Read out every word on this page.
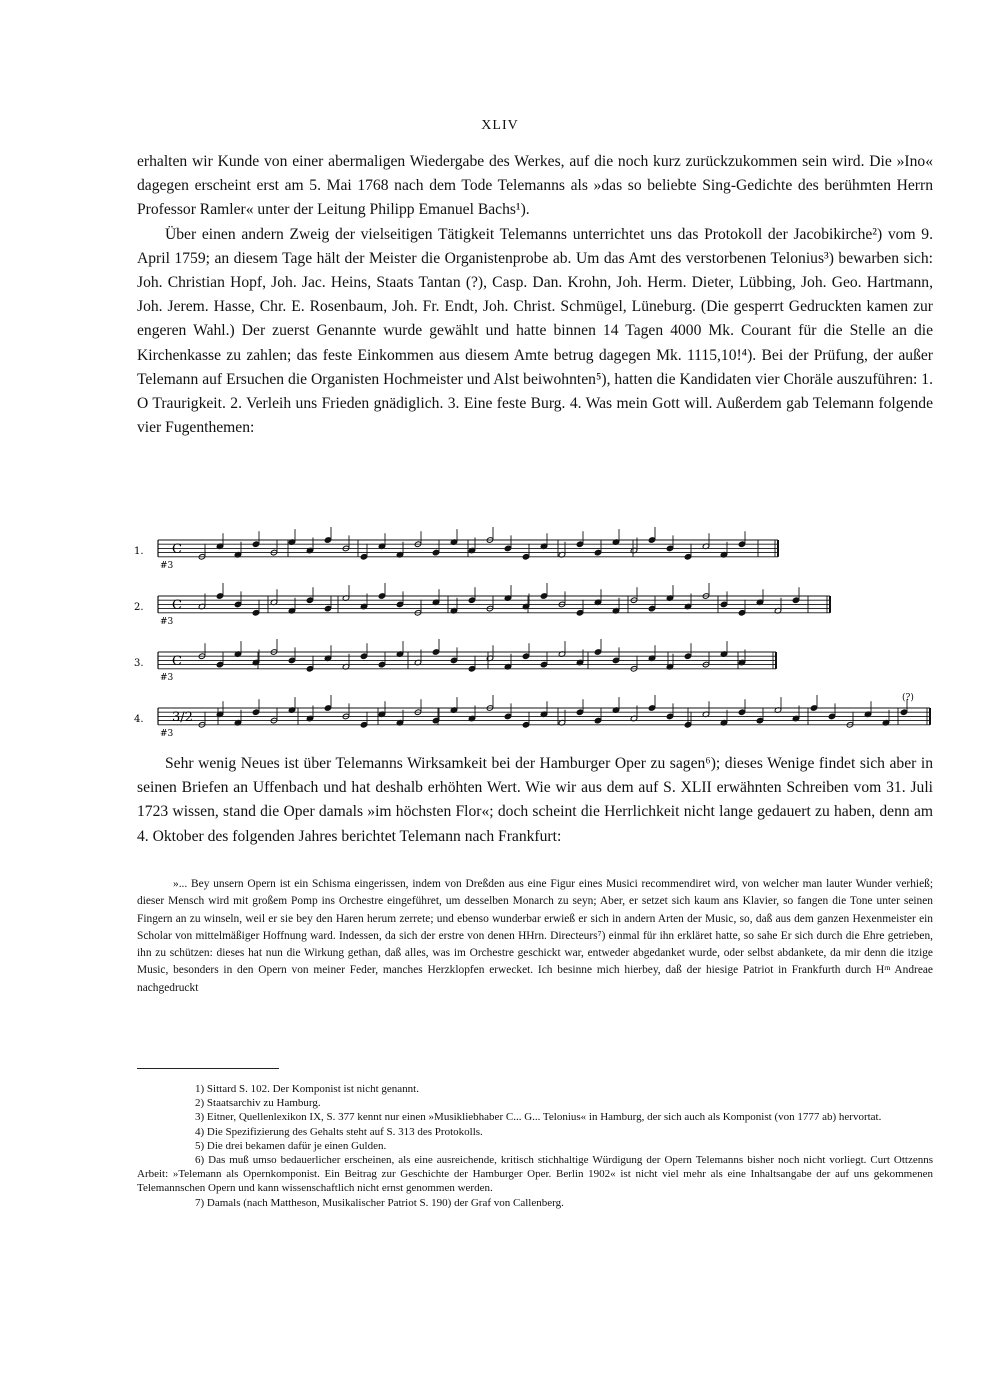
XLIV

erhalten wir Kunde von einer abermaligen Wiedergabe des Werkes, auf die noch kurz zurückzukommen sein wird. Die »Ino« dagegen erscheint erst am 5. Mai 1768 nach dem Tode Telemanns als »das so beliebte Sing-Gedichte des berühmten Herrn Professor Ramler« unter der Leitung Philipp Emanuel Bachs¹).

Über einen andern Zweig der vielseitigen Tätigkeit Telemanns unterrichtet uns das Protokoll der Jacobikirche²) vom 9. April 1759; an diesem Tage hält der Meister die Organistenprobe ab. Um das Amt des verstorbenen Telonius³) bewarben sich: Joh. Christian Hopf, Joh. Jac. Heins, Staats Tantan (?), Casp. Dan. Krohn, Joh. Herm. Dieter, Lübbing, Joh. Geo. Hartmann, Joh. Jerem. Hasse, Chr. E. Rosenbaum, Joh. Fr. Endt, Joh. Christ. Schmügel, Lüneburg. (Die gesperrt Gedruckten kamen zur engeren Wahl.) Der zuerst Genannte wurde gewählt und hatte binnen 14 Tagen 4000 Mk. Courant für die Stelle an die Kirchenkasse zu zahlen; das feste Einkommen aus diesem Amte betrug dagegen Mk. 1115,10!⁴). Bei der Prüfung, der außer Telemann auf Ersuchen die Organisten Hochmeister und Alst beiwohnten⁵), hatten die Kandidaten vier Choräle auszuführen: 1. O Traurigkeit. 2. Verleih uns Frieden gnädiglich. 3. Eine feste Burg. 4. Was mein Gott will. Außerdem gab Telemann folgende vier Fugenthemen:

1. C
#3
2. C
#3
3. C
#3
4. 3/2
#3
(?)

Sehr wenig Neues ist über Telemanns Wirksamkeit bei der Hamburger Oper zu sagen⁶); dieses Wenige findet sich aber in seinen Briefen an Uffenbach und hat deshalb erhöhten Wert. Wie wir aus dem auf S. XLII erwähnten Schreiben vom 31. Juli 1723 wissen, stand die Oper damals »im höchsten Flor«; doch scheint die Herrlichkeit nicht lange gedauert zu haben, denn am 4. Oktober des folgenden Jahres berichtet Telemann nach Frankfurt:

»... Bey unsern Opern ist ein Schisma eingerissen, indem von Dreßden aus eine Figur eines Musici recommendiret wird, von welcher man lauter Wunder verhieß; dieser Mensch wird mit großem Pomp ins Orchestre eingeführet, um desselben Monarch zu seyn; Aber, er setzet sich kaum ans Klavier, so fangen die Tone unter seinen Fingern an zu winseln, weil er sie bey den Haren herum zerrete; und ebenso wunderbar erwieß er sich in andern Arten der Music, so, daß aus dem ganzen Hexenmeister ein Scholar von mittelmäßiger Hoffnung ward. Indessen, da sich der erstre von denen HHrn. Directeurs⁷) einmal für ihn erkläret hatte, so sahe Er sich durch die Ehre getrieben, ihn zu schützen: dieses hat nun die Wirkung gethan, daß alles, was im Orchestre geschickt war, entweder abgedanket wurde, oder selbst abdankete, da mir denn die itzige Music, besonders in den Opern von meiner Feder, manches Herzklopfen erwecket. Ich besinne mich hierbey, daß der hiesige Patriot in Frankfurth durch Hʳⁿ Andreae nachgedruckt

1) Sittard S. 102. Der Komponist ist nicht genannt.

2) Staatsarchiv zu Hamburg.

3) Eitner, Quellenlexikon IX, S. 377 kennt nur einen »Musikliebhaber C... G... Telonius« in Hamburg, der sich auch als Komponist (von 1777 ab) hervortat.

4) Die Spezifizierung des Gehalts steht auf S. 313 des Protokolls.

5) Die drei bekamen dafür je einen Gulden.

6) Das muß umso bedauerlicher erscheinen, als eine ausreichende, kritisch stichhaltige Würdigung der Opern Telemanns bisher noch nicht vorliegt. Curt Ottzenns Arbeit: »Telemann als Opernkomponist. Ein Beitrag zur Geschichte der Hamburger Oper. Berlin 1902« ist nicht viel mehr als eine Inhaltsangabe der auf uns gekommenen Telemannschen Opern und kann wissenschaftlich nicht ernst genommen werden.

7) Damals (nach Mattheson, Musikalischer Patriot S. 190) der Graf von Callenberg.
